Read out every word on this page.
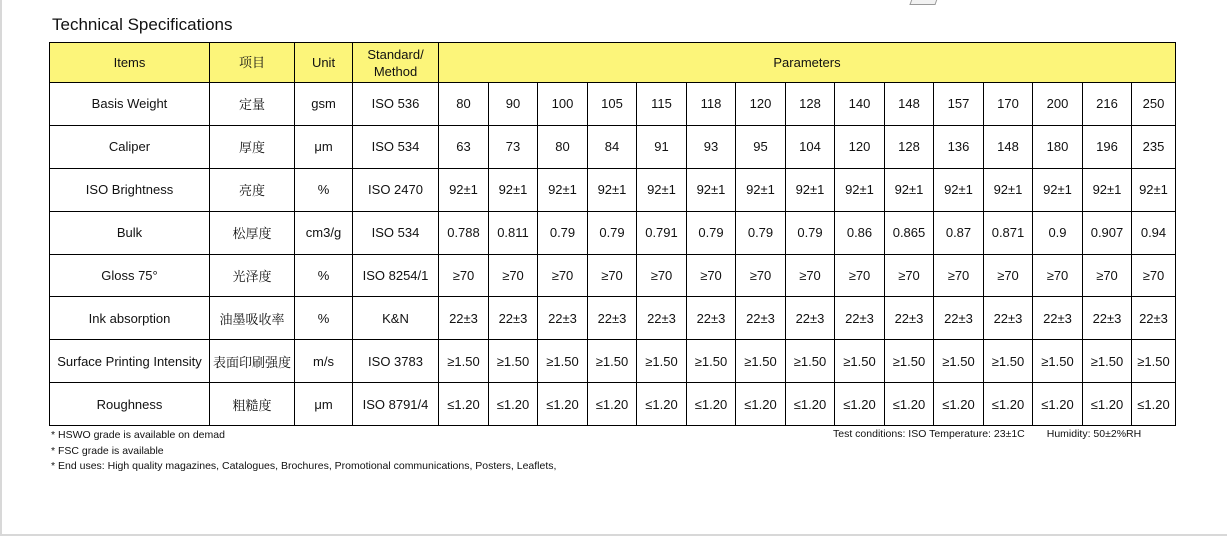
Technical Specifications
Items	项目	Unit	Standard/
Method	Parameters														
Basis Weight	定量	gsm	ISO 536	80	90	100	105	115	118	120	128	140	148	157	170	200	216	250
Caliper	厚度	μm	ISO 534	63	73	80	84	91	93	95	104	120	128	136	148	180	196	235
ISO Brightness	亮度	%	ISO 2470	92±1	92±1	92±1	92±1	92±1	92±1	92±1	92±1	92±1	92±1	92±1	92±1	92±1	92±1	92±1
Bulk	松厚度	cm3/g	ISO 534	0.788	0.811	0.79	0.79	0.791	0.79	0.79	0.79	0.86	0.865	0.87	0.871	0.9	0.907	0.94
Gloss 75°	光泽度	%	ISO 8254/1	≥70	≥70	≥70	≥70	≥70	≥70	≥70	≥70	≥70	≥70	≥70	≥70	≥70	≥70	≥70
Ink absorption	油墨吸收率	%	K&N	22±3	22±3	22±3	22±3	22±3	22±3	22±3	22±3	22±3	22±3	22±3	22±3	22±3	22±3	22±3
Surface Printing Intensity	表面印刷强度	m/s	ISO 3783	≥1.50	≥1.50	≥1.50	≥1.50	≥1.50	≥1.50	≥1.50	≥1.50	≥1.50	≥1.50	≥1.50	≥1.50	≥1.50	≥1.50	≥1.50
Roughness	粗糙度	μm	ISO 8791/4	≤1.20	≤1.20	≤1.20	≤1.20	≤1.20	≤1.20	≤1.20	≤1.20	≤1.20	≤1.20	≤1.20	≤1.20	≤1.20	≤1.20	≤1.20
* HSWO grade is available on demad
* FSC grade is available
* End uses: High quality magazines, Catalogues, Brochures, Promotional communications, Posters, Leaflets,
Test conditions: ISO Temperature: 23±1C Humidity: 50±2%RH
